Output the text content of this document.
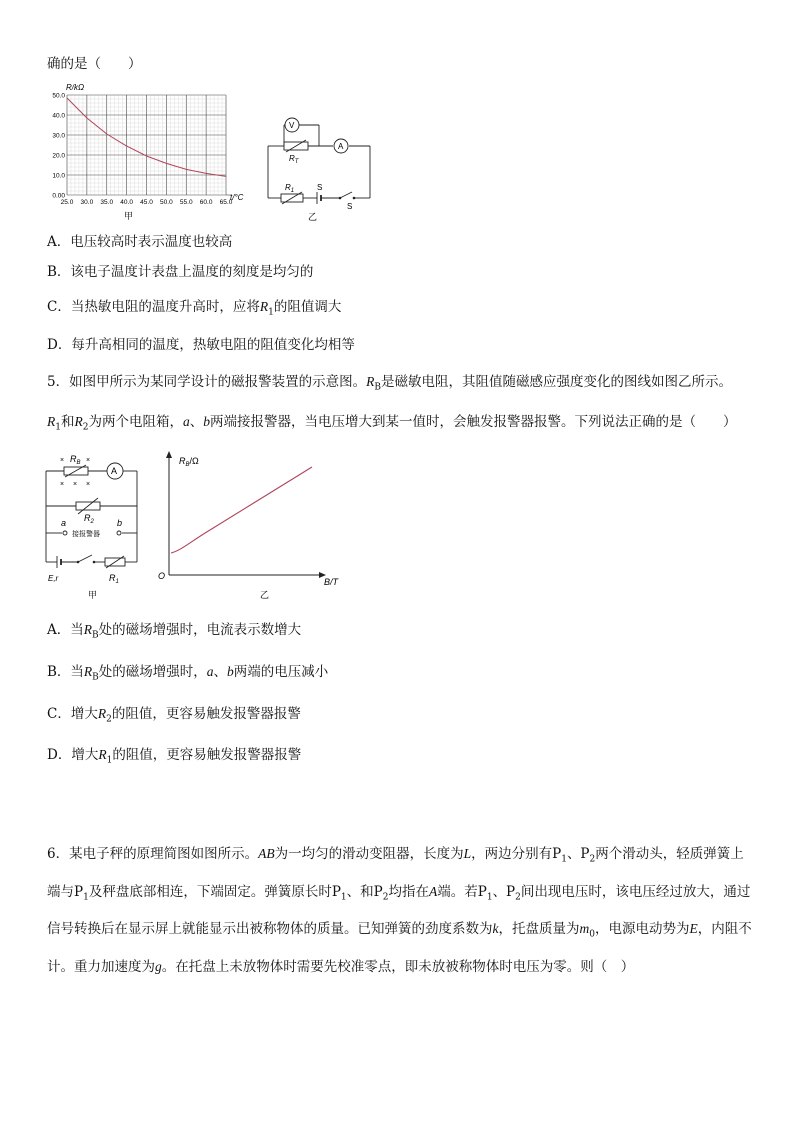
确的是（　　）
50.0
40.0
30.0
20.0
10.0
0.00
25.0 30.0 35.0 40.0 45.0 50.0 55.0 60.0 65.0
R/kΩ
t/°C
甲
V
A
$R_T$
$R_1$	S
S
乙
A．电压较高时表示温度也较高
B．该电子温度计表盘上温度的刻度是均匀的
C．当热敏电阻的温度升高时，应将$R_1$的阻值调大
D．每升高相同的温度，热敏电阻的阻值变化均相等
5．如图甲所示为某同学设计的磁报警装置的示意图。$R_B$是磁敏电阻，其阻值随磁感应强度变化的图线如图乙所示。
$R_1$和$R_2$为两个电阻箱，a、b两端接报警器，当电压增大到某一值时，会触发报警器报警。下列说法正确的是（　　）
×	×
× × ×
$R_B$
A
$R_2$
a	b
接报警器
E,r	$R_1$
甲
$R_B/\Omega$
B/T
O
乙
A．当$R_B$处的磁场增强时，电流表示数增大
B．当$R_B$处的磁场增强时，a、b两端的电压减小
C．增大$R_2$的阻值，更容易触发报警器报警
D．增大$R_1$的阻值，更容易触发报警器报警
6．某电子秤的原理简图如图所示。AB为一均匀的滑动变阻器，长度为L，两边分别有$P_1$、$P_2$两个滑动头，轻质弹簧上端与$P_1$及秤盘底部相连，下端固定。弹簧原长时$P_1$、和$P_2$均指在A端。若$P_1$、$P_2$间出现电压时，该电压经过放大，通过信号转换后在显示屏上就能显示出被称物体的质量。已知弹簧的劲度系数为k，托盘质量为$m_0$，电源电动势为E，内阻不计。重力加速度为g。在托盘上未放物体时需要先校准零点，即未放被称物体时电压为零。则（　）
